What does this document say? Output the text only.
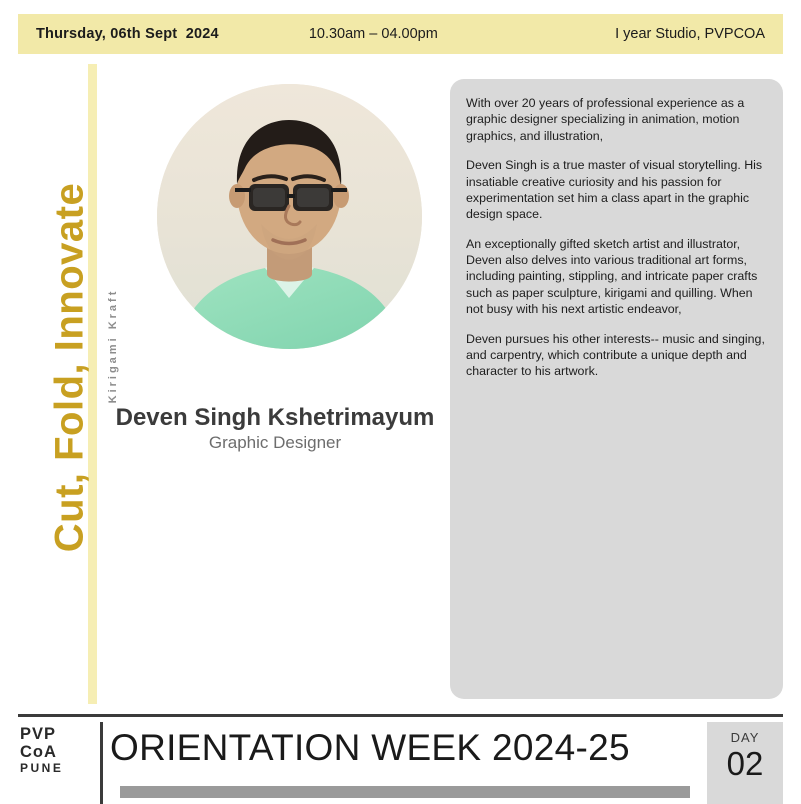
Thursday, 06th Sept  2024	10.30am – 04.00pm	I year Studio, PVPCOA
Cut, Fold, Innovate Kirigami Kraft
Deven Singh Kshetrimayum
Graphic Designer

With over 20 years of professional experience as a graphic designer specializing in animation, motion graphics, and illustration,

Deven Singh is a true master of visual storytelling. His insatiable creative curiosity and his passion for experimentation set him a class apart in the graphic design space.

An exceptionally gifted sketch artist and illustrator, Deven also delves into various traditional art forms, including painting, stippling, and intricate paper crafts such as paper sculpture, kirigami and quilling. When not busy with his next artistic endeavor,

Deven pursues his other interests-- music and singing, and carpentry, which contribute a unique depth and character to his artwork.

PVP
CoA
PUNE	ORIENTATION WEEK 2024-25	DAY
02
